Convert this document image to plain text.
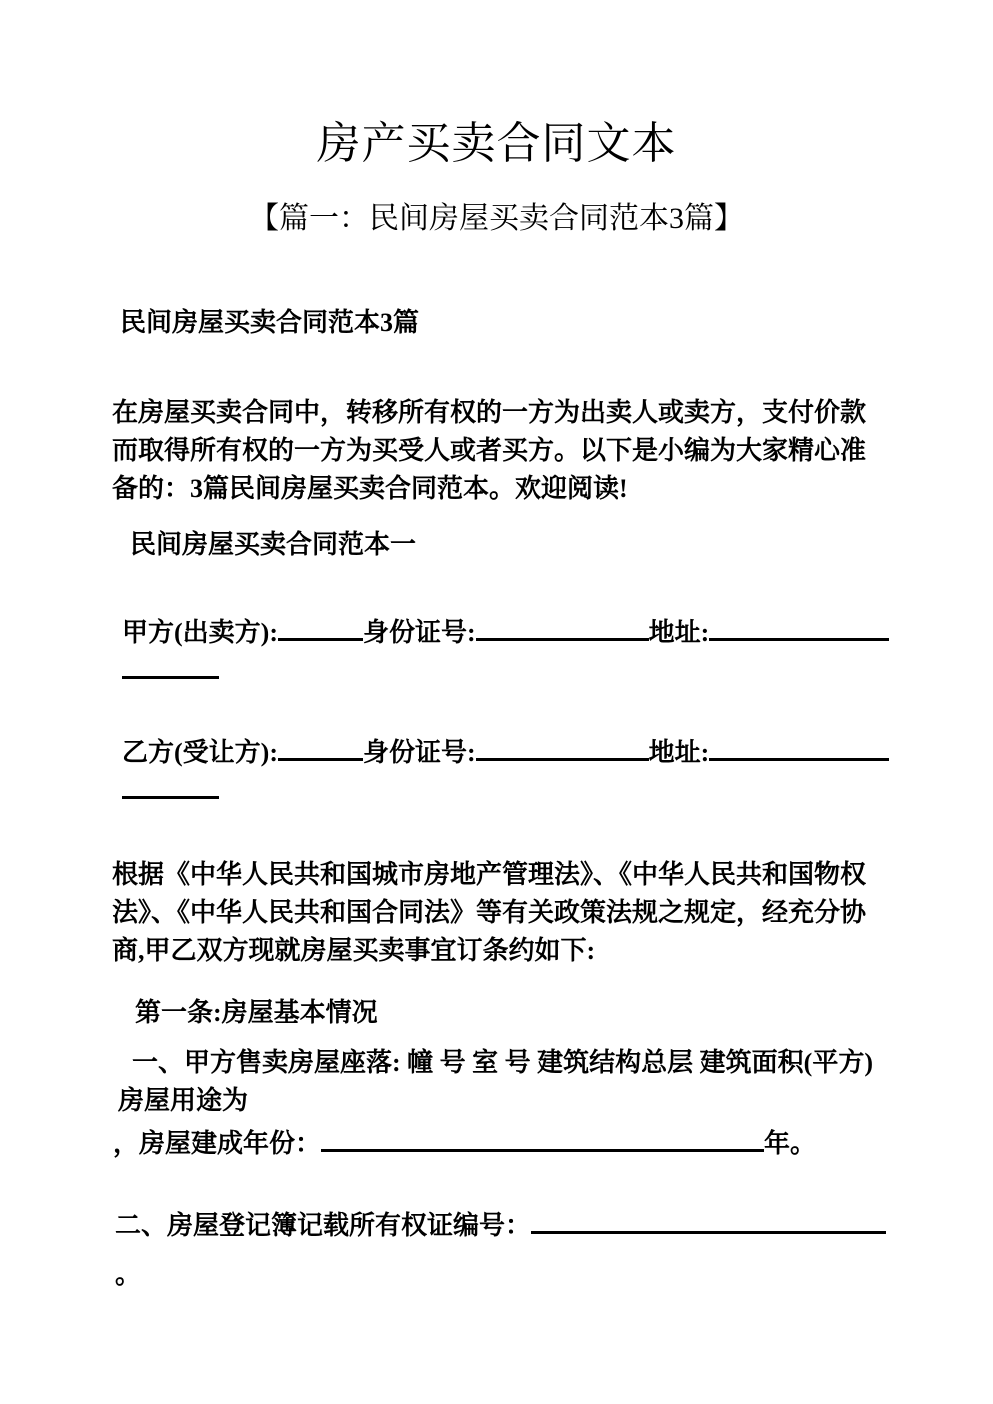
房产买卖合同文本
【篇一：民间房屋买卖合同范本3篇】
民间房屋买卖合同范本3篇
在房屋买卖合同中，转移所有权的一方为出卖人或卖方，支付价款而取得所有权的一方为买受人或者买方。以下是小编为大家精心准备的：3篇民间房屋买卖合同范本。欢迎阅读!
民间房屋买卖合同范本一
甲方(出卖方):	身份证号:	地址:
乙方(受让方):	身份证号:	地址:
根据《中华人民共和国城市房地产管理法》、《中华人民共和国物权法》、《中华人民共和国合同法》等有关政策法规之规定，经充分协商,甲乙双方现就房屋买卖事宜订条约如下:
第一条:房屋基本情况
一、甲方售卖房屋座落: 幢 号 室 号 建筑结构总层 建筑面积(平方)
房屋用途为
，房屋建成年份：	年。
二、房屋登记簿记载所有权证编号：
。
